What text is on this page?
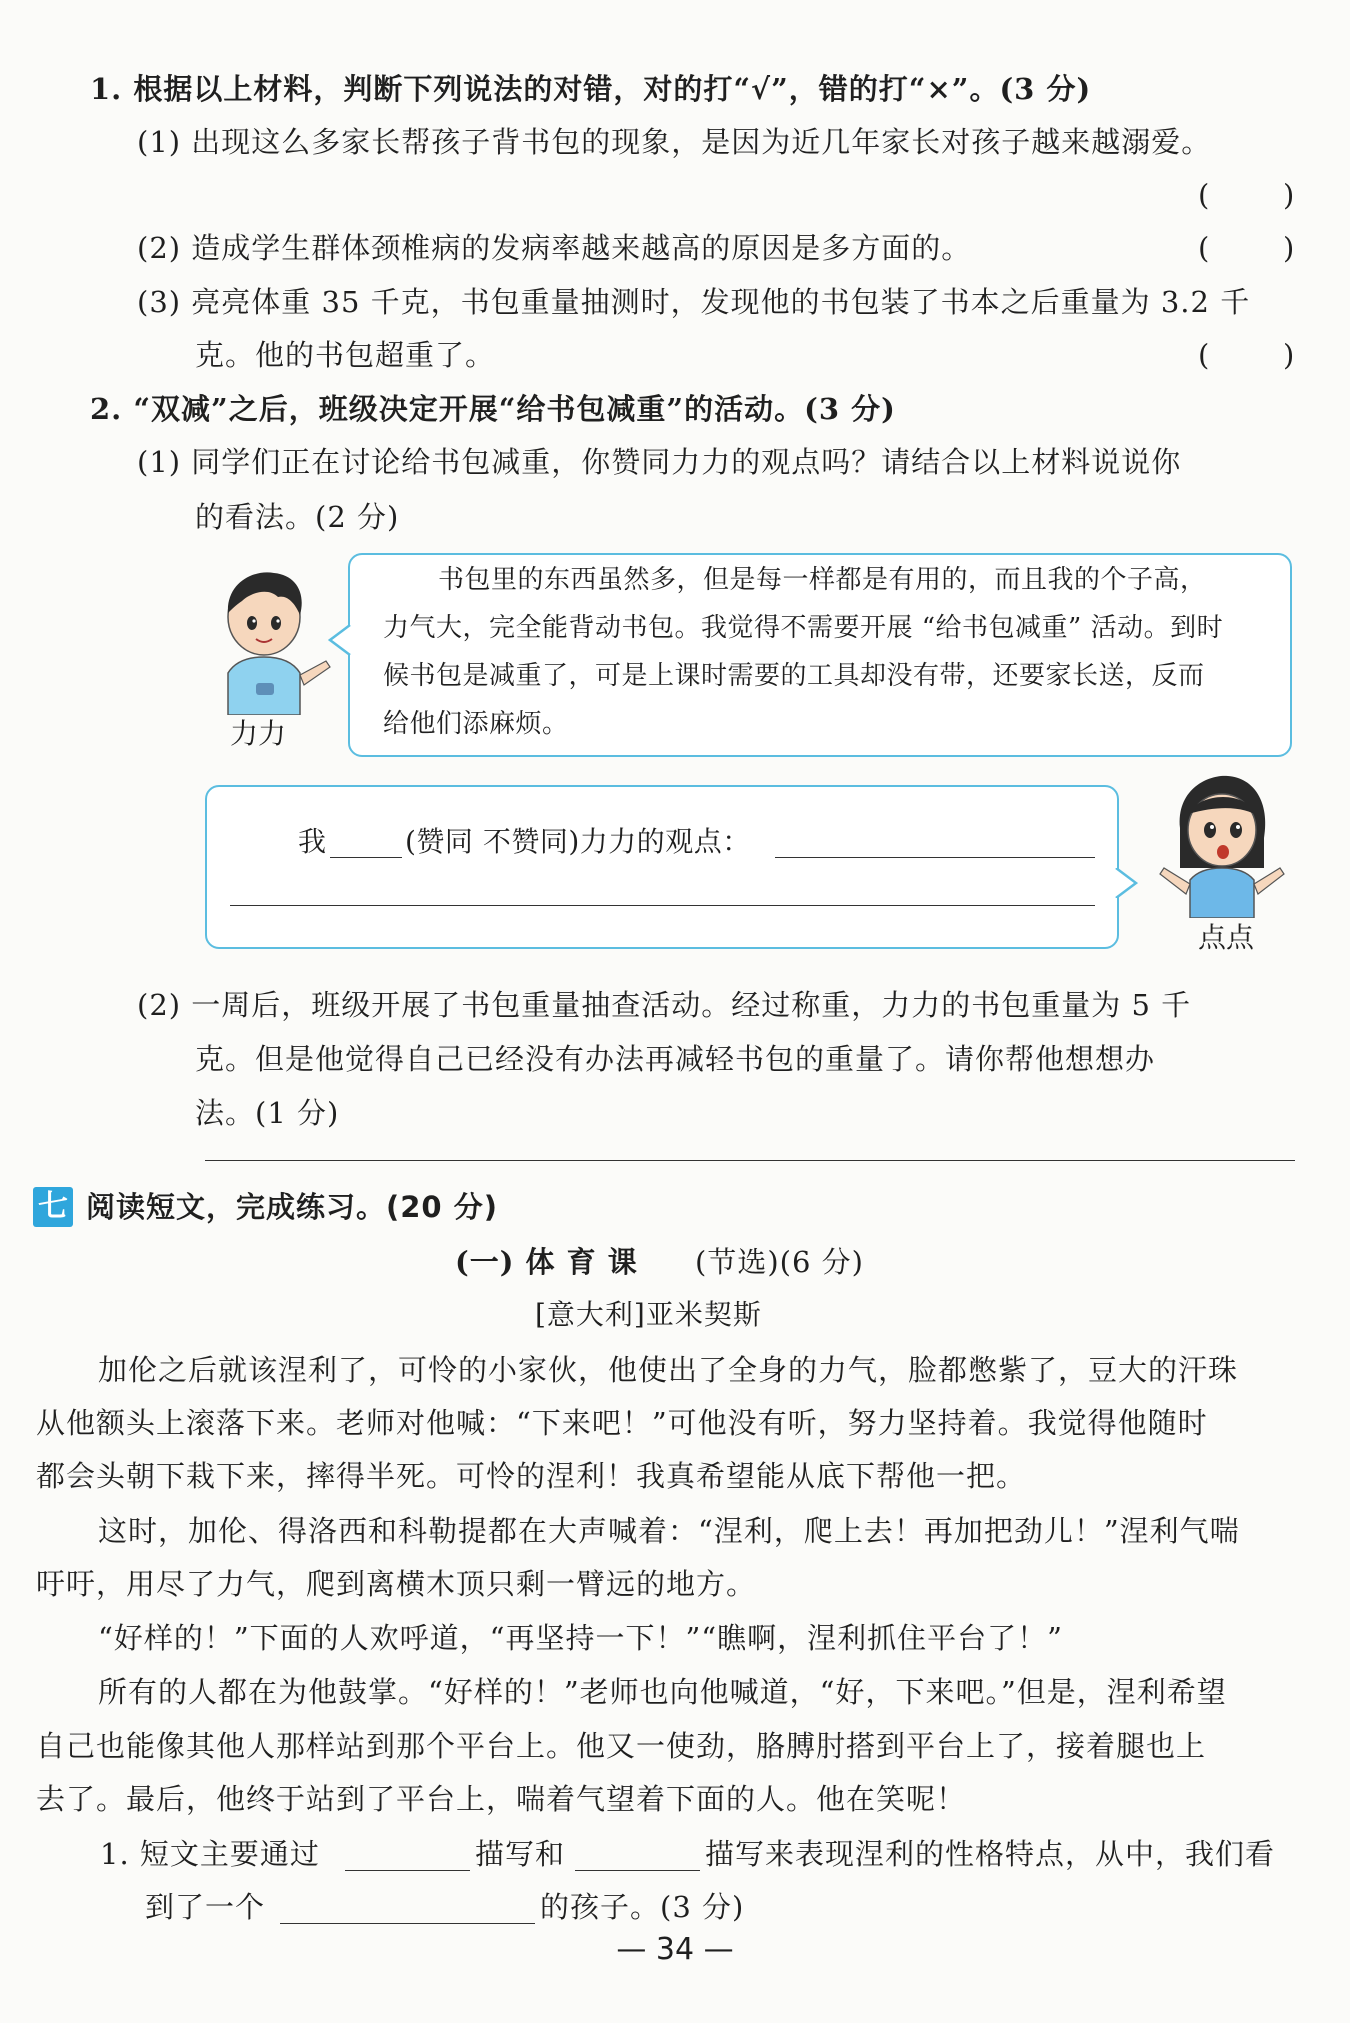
1. 根据以上材料，判断下列说法的对错，对的打“√”，错的打“×”。(3 分)
(1) 出现这么多家长帮孩子背书包的现象，是因为近几年家长对孩子越来越溺爱。
(        )
(2) 造成学生群体颈椎病的发病率越来越高的原因是多方面的。	(        )
(3) 亮亮体重 35 千克，书包重量抽测时，发现他的书包装了书本之后重量为 3.2 千
克。他的书包超重了。	(        )
2. “双减”之后，班级决定开展“给书包减重”的活动。(3 分)
(1) 同学们正在讨论给书包减重，你赞同力力的观点吗？请结合以上材料说说你
的看法。(2 分)
力力
书包里的东西虽然多，但是每一样都是有用的，而且我的个子高，
力气大，完全能背动书包。我觉得不需要开展 “给书包减重” 活动。到时
候书包是减重了，可是上课时需要的工具却没有带，还要家长送，反而
给他们添麻烦。
我	(赞同 不赞同)力力的观点：
点点
(2) 一周后，班级开展了书包重量抽查活动。经过称重，力力的书包重量为 5 千
克。但是他觉得自己已经没有办法再减轻书包的重量了。请你帮他想想办
法。(1 分)
七 阅读短文，完成练习。(20 分)
(一) 体 育 课 (节选)(6 分)
[意大利]亚米契斯
加伦之后就该涅利了，可怜的小家伙，他使出了全身的力气，脸都憋紫了，豆大的汗珠
从他额头上滚落下来。老师对他喊：“下来吧！”可他没有听，努力坚持着。我觉得他随时
都会头朝下栽下来，摔得半死。可怜的涅利！我真希望能从底下帮他一把。
这时，加伦、得洛西和科勒提都在大声喊着：“涅利，爬上去！再加把劲儿！”涅利气喘
吁吁，用尽了力气，爬到离横木顶只剩一臂远的地方。
“好样的！”下面的人欢呼道，“再坚持一下！”“瞧啊，涅利抓住平台了！”
所有的人都在为他鼓掌。“好样的！”老师也向他喊道，“好，下来吧。”但是，涅利希望
自己也能像其他人那样站到那个平台上。他又一使劲，胳膊肘搭到平台上了，接着腿也上
去了。最后，他终于站到了平台上，喘着气望着下面的人。他在笑呢！
1. 短文主要通过	描写和	描写来表现涅利的性格特点，从中，我们看
到了一个	的孩子。(3 分)
— 34 —
